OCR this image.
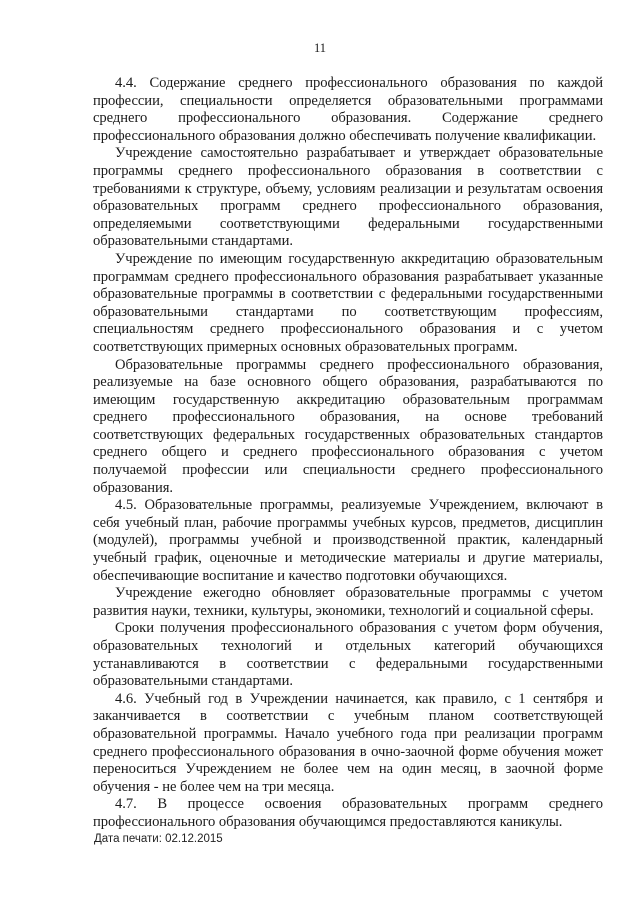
11

4.4. Содержание среднего профессионального образования по каждой профессии, специальности определяется образовательными программами среднего профессионального образования. Содержание среднего профессионального образования должно обеспечивать получение квалификации.

Учреждение самостоятельно разрабатывает и утверждает образовательные программы среднего профессионального образования в соответствии с требованиями к структуре, объему, условиям реализации и результатам освоения образовательных программ среднего профессионального образования, определяемыми соответствующими федеральными государственными образовательными стандартами.

Учреждение по имеющим государственную аккредитацию образовательным программам среднего профессионального образования разрабатывает указанные образовательные программы в соответствии с федеральными государственными образовательными стандартами по соответствующим профессиям, специальностям среднего профессионального образования и с учетом соответствующих примерных основных образовательных программ.

Образовательные программы среднего профессионального образования, реализуемые на базе основного общего образования, разрабатываются по имеющим государственную аккредитацию образовательным программам среднего профессионального образования, на основе требований соответствующих федеральных государственных образовательных стандартов среднего общего и среднего профессионального образования с учетом получаемой профессии или специальности среднего профессионального образования.

4.5. Образовательные программы, реализуемые Учреждением, включают в себя учебный план, рабочие программы учебных курсов, предметов, дисциплин (модулей), программы учебной и производственной практик, календарный учебный график, оценочные и методические материалы и другие материалы, обеспечивающие воспитание и качество подготовки обучающихся.

Учреждение ежегодно обновляет образовательные программы с учетом развития науки, техники, культуры, экономики, технологий и социальной сферы.

Сроки получения профессионального образования с учетом форм обучения, образовательных технологий и отдельных категорий обучающихся устанавливаются в соответствии с федеральными государственными образовательными стандартами.

4.6. Учебный год в Учреждении начинается, как правило, с 1 сентября и заканчивается в соответствии с учебным планом соответствующей образовательной программы. Начало учебного года при реализации программ среднего профессионального образования в очно-заочной форме обучения может переноситься Учреждением не более чем на один месяц, в заочной форме обучения - не более чем на три месяца.

4.7. В процессе освоения образовательных программ среднего профессионального образования обучающимся предоставляются каникулы.

Дата печати: 02.12.2015
